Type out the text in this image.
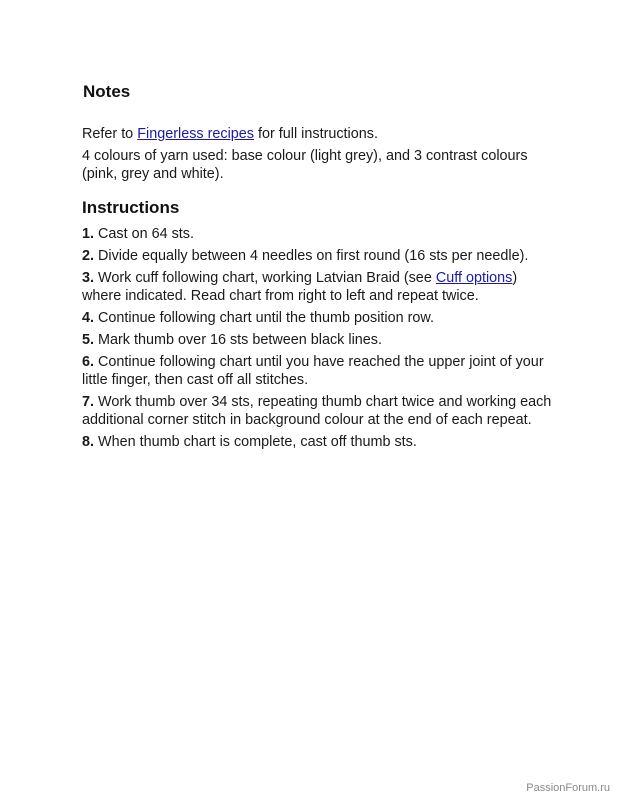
Notes

Refer to Fingerless recipes for full instructions.

4 colours of yarn used: base colour (light grey), and 3 contrast colours (pink, grey and white).

Instructions

1. Cast on 64 sts.

2. Divide equally between 4 needles on first round (16 sts per needle).

3. Work cuff following chart, working Latvian Braid (see Cuff options) where indicated. Read chart from right to left and repeat twice.

4. Continue following chart until the thumb position row.

5. Mark thumb over 16 sts between black lines.

6. Continue following chart until you have reached the upper joint of your little finger, then cast off all stitches.

7. Work thumb over 34 sts, repeating thumb chart twice and working each additional corner stitch in background colour at the end of each repeat.

8. When thumb chart is complete, cast off thumb sts.

PassionForum.ru
